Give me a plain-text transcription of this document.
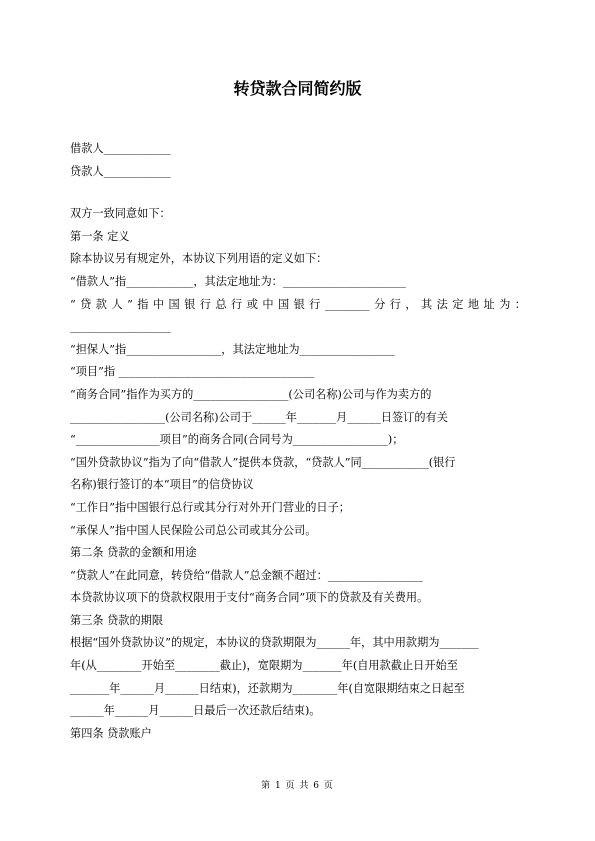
转贷款合同简约版
借款人____________
贷款人____________
双方一致同意如下：
第一条 定义
除本协议另有规定外，本协议下列用语的定义如下：
“借款人”指____________，其法定地址为：______________________
“贷款人”指中国银行总行或中国银行________分行，其法定地址为：
__________________
“担保人”指_________________，其法定地址为_________________
“项目”指 ___________________________________
“商务合同”指作为买方的_________________(公司名称)公司与作为卖方的
_________________(公司名称)公司于______年_______月______日签订的有关
“_______________项目”的商务合同(合同号为_________________)；
“国外贷款协议”指为了向“借款人”提供本贷款，“贷款人”同____________(银行
名称)银行签订的本“项目”的信贷协议
“工作日”指中国银行总行或其分行对外开门营业的日子；
“承保人”指中国人民保险公司总公司或其分公司。
第二条 贷款的金额和用途
“贷款人”在此同意，转贷给“借款人”总金额不超过：_________________
本贷款协议项下的贷款权限用于支付“商务合同”项下的贷款及有关费用。
第三条 贷款的期限
根据“国外贷款协议”的规定，本协议的贷款期限为______年，其中用款期为_______
年(从________开始至________截止)，宽限期为_______年(自用款截止日开始至
_______年______月______日结束)，还款期为________年(自宽限期结束之日起至
______年______月______日最后一次还款后结束)。
第四条 贷款账户
第 1 页 共 6 页
